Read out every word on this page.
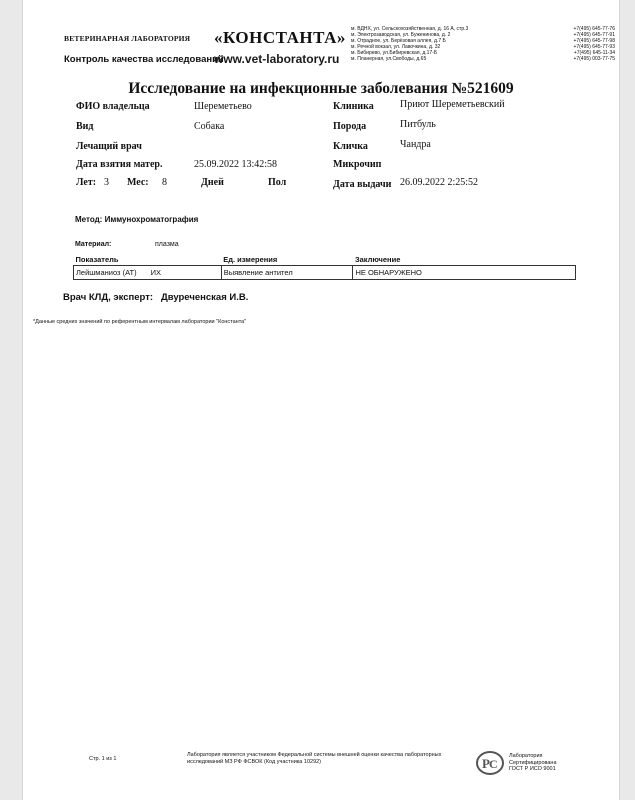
ВЕТЕРИНАРНАЯ ЛАБОРАТОРИЯ «КОНСТАНТА»
Контроль качества исследований
www.vet-laboratory.ru
м. ВДНХ, ул. Сельскохозяйственная, д. 16 А, стр.3	+7(495) 645-77-76
м. Электрозаводская, ул. Буженинова, д. 2	+7(495) 645-77-91
м. Отрадное, ул. Берёзовая аллея, д.7 Б	+7(495) 645-77-98
м. Речной вокзал, ул. Лавочкина, д. 32	+7(495) 645-77-93
м. Бибирево, ул.Бибиревская, д.17-Б	+7(495) 645-11-34
м. Планерная, ул.Свободы, д.65	+7(495) 003-77-75
Исследование на инфекционные заболевания №521609
ФИО владельца	Шереметьево
Вид	Собака
Лечащий врач
Дата взятия матер.	25.09.2022 13:42:58
Лет: 3 Мес: 8	Дней	Пол
Клиника	Приют Шереметьевский
Порода	Питбуль
Кличка	Чандра
Микрочип
Дата выдачи 26.09.2022 2:25:52
Метод: Иммунохроматография
Материал:	плазма
Показатель	Ед. измерения	Заключение
Лейшманиоз (АТ) ИХ	Выявление антител	НЕ ОБНАРУЖЕНО
Врач КЛД, эксперт:   Двуреченская И.В.
*Данные средних значений по референтным интервалам лаборатории "Константа"
Стр. 1 из 1
Лаборатория является участником Федеральной системы внешней оценки качества лабораторных исследований МЗ РФ ФСВОК (Код участника 10292)	P C
Лаборатория
Сертифицирована
ГОСТ Р ИСО 9001
